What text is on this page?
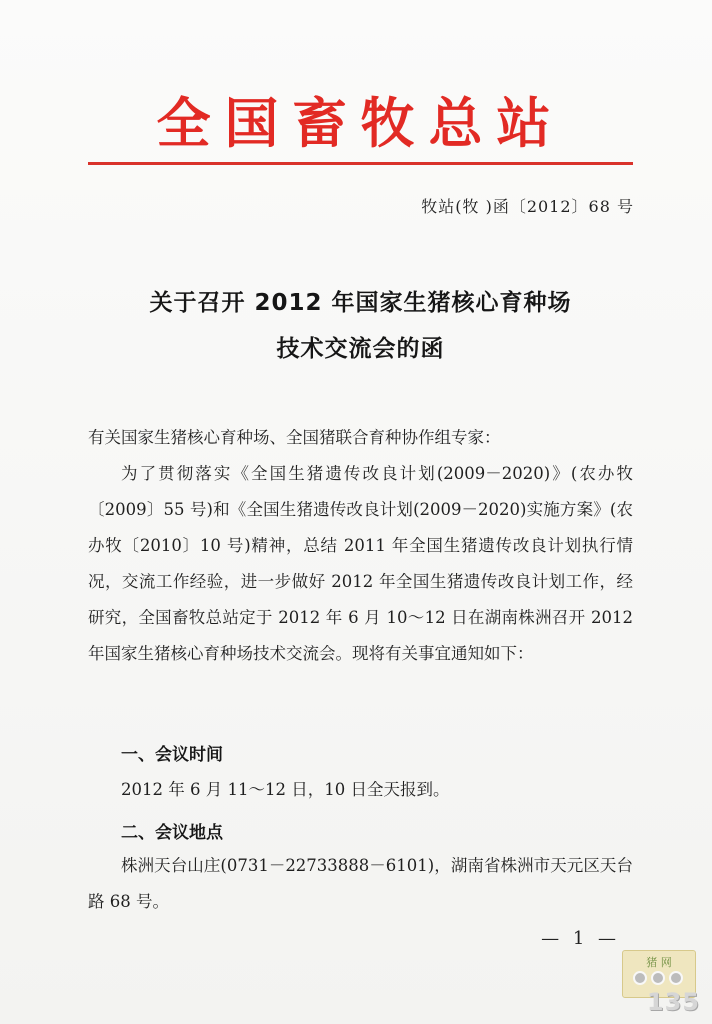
全国畜牧总站
牧站(牧 )函〔2012〕68 号
关于召开 2012 年国家生猪核心育种场
技术交流会的函
有关国家生猪核心育种场、全国猪联合育种协作组专家：
为了贯彻落实《全国生猪遗传改良计划(2009－2020)》(农办牧〔2009〕55 号)和《全国生猪遗传改良计划(2009－2020)实施方案》(农办牧〔2010〕10 号)精神，总结 2011 年全国生猪遗传改良计划执行情况，交流工作经验，进一步做好 2012 年全国生猪遗传改良计划工作，经研究，全国畜牧总站定于 2012 年 6 月 10～12 日在湖南株洲召开 2012 年国家生猪核心育种场技术交流会。现将有关事宜通知如下：
一、会议时间
2012 年 6 月 11～12 日，10 日全天报到。
二、会议地点
株洲天台山庄(0731－22733888－6101)，湖南省株洲市天元区天台路 68 号。
— 1 —
猪 网
135
